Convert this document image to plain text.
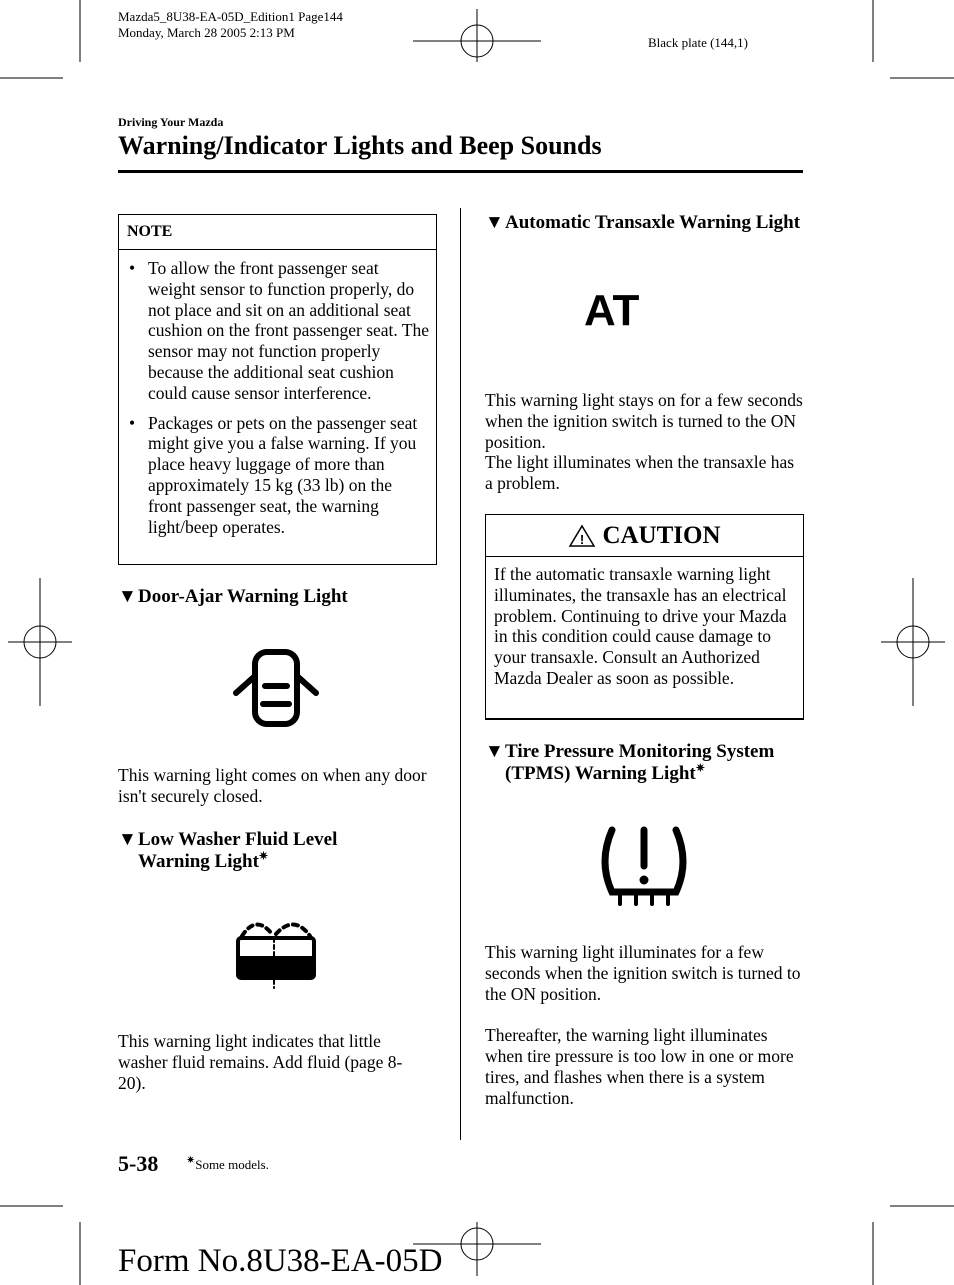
Mazda5_8U38-EA-05D_Edition1 Page144
Monday, March 28 2005 2:13 PM
Black plate (144,1)
Driving Your Mazda
Warning/Indicator Lights and Beep Sounds
NOTE
• To allow the front passenger seat weight sensor to function properly, do not place and sit on an additional seat cushion on the front passenger seat. The sensor may not function properly because the additional seat cushion could cause sensor interference.
• Packages or pets on the passenger seat might give you a false warning. If you place heavy luggage of more than approximately 15 kg (33 lb) on the front passenger seat, the warning light/beep operates.
▼Door-Ajar Warning Light
This warning light comes on when any door isn't securely closed.
▼Low Washer Fluid Level
Warning Light✷
This warning light indicates that little washer fluid remains. Add fluid (page 8-20).
▼Automatic Transaxle Warning Light
AT
This warning light stays on for a few seconds when the ignition switch is turned to the ON position.
The light illuminates when the transaxle has a problem.
! CAUTION
If the automatic transaxle warning light illuminates, the transaxle has an electrical problem. Continuing to drive your Mazda in this condition could cause damage to your transaxle. Consult an Authorized Mazda Dealer as soon as possible.
▼Tire Pressure Monitoring System
(TPMS) Warning Light✷
This warning light illuminates for a few seconds when the ignition switch is turned to the ON position.
Thereafter, the warning light illuminates when tire pressure is too low in one or more tires, and flashes when there is a system malfunction.
5-38	✷Some models.
Form No.8U38-EA-05D
